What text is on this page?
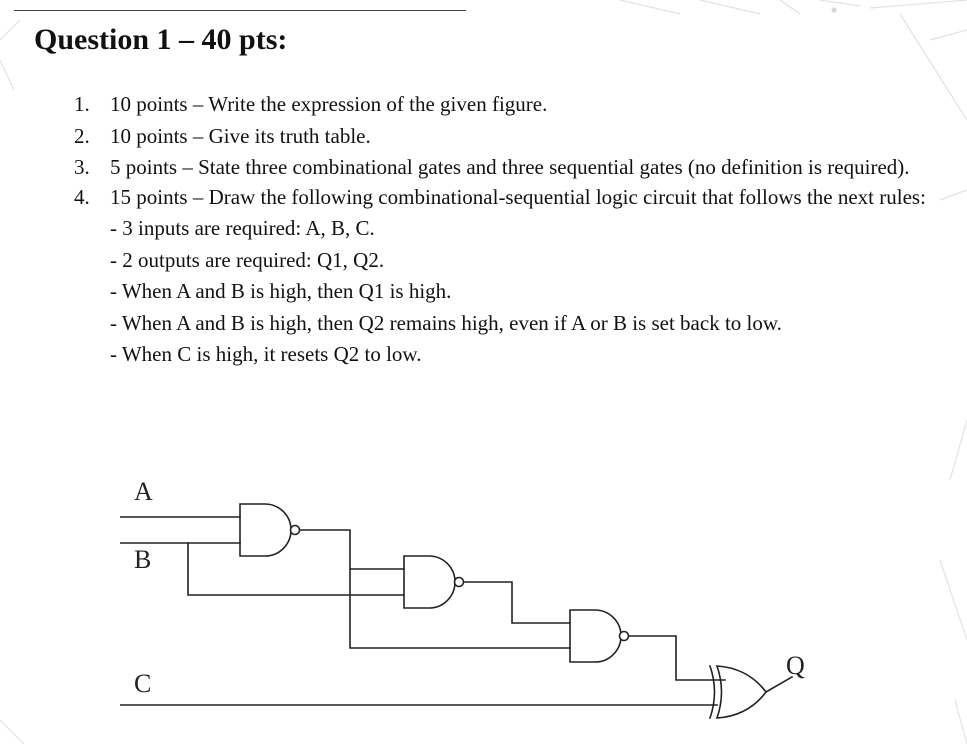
Question 1 – 40 pts:
1. 10 points – Write the expression of the given figure.
2. 10 points – Give its truth table.
3. 5 points – State three combinational gates and three sequential gates (no definition is required).
4. 15 points – Draw the following combinational-sequential logic circuit that follows the next rules:
- 3 inputs are required: A, B, C.
- 2 outputs are required: Q1, Q2.
- When A and B is high, then Q1 is high.
- When A and B is high, then Q2 remains high, even if A or B is set back to low.
- When C is high, it resets Q2 to low.
A
B
C
Q
